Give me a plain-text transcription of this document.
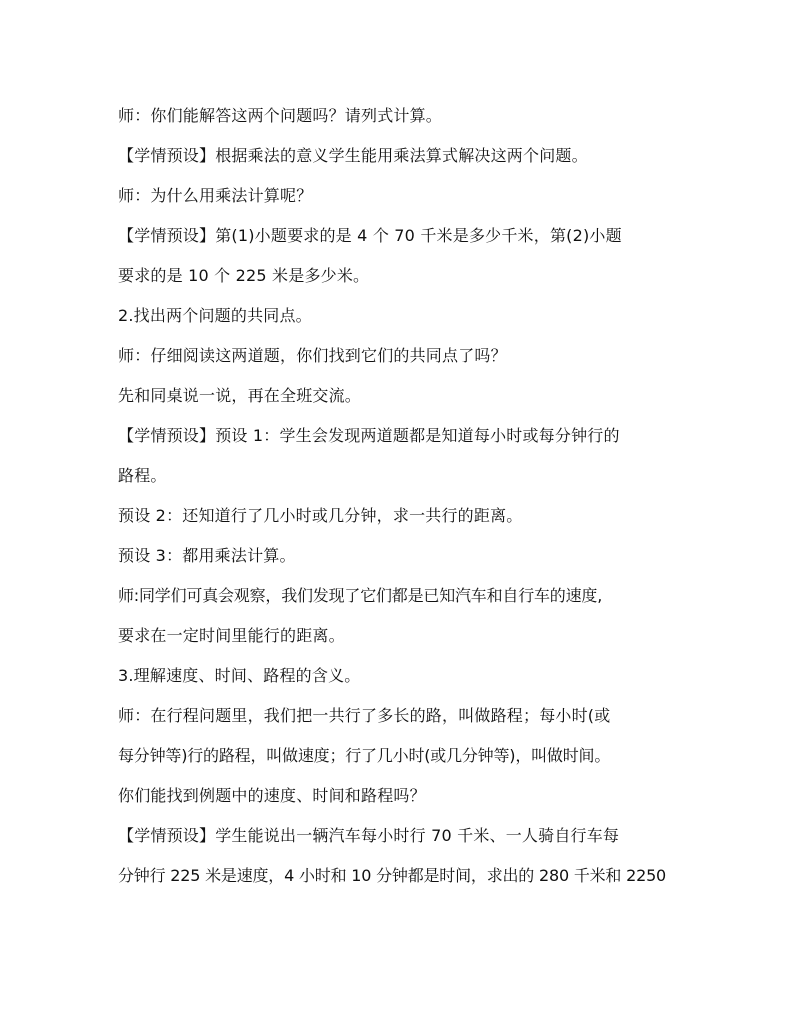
师：你们能解答这两个问题吗？请列式计算。
【学情预设】根据乘法的意义学生能用乘法算式解决这两个问题。
师：为什么用乘法计算呢？
【学情预设】第(1)小题要求的是 4 个 70 千米是多少千米，第(2)小题
要求的是 10 个 225 米是多少米。
2.找出两个问题的共同点。
师：仔细阅读这两道题，你们找到它们的共同点了吗？
先和同桌说一说，再在全班交流。
【学情预设】预设 1：学生会发现两道题都是知道每小时或每分钟行的
路程。
预设 2：还知道行了几小时或几分钟，求一共行的距离。
预设 3：都用乘法计算。
师:同学们可真会观察，我们发现了它们都是已知汽车和自行车的速度,
要求在一定时间里能行的距离。
3.理解速度、时间、路程的含义。
师：在行程问题里，我们把一共行了多长的路，叫做路程；每小时(或
每分钟等)行的路程，叫做速度；行了几小时(或几分钟等)，叫做时间。
你们能找到例题中的速度、时间和路程吗？
【学情预设】学生能说出一辆汽车每小时行 70 千米、一人骑自行车每
分钟行 225 米是速度，4 小时和 10 分钟都是时间，求出的 280 千米和 2250
